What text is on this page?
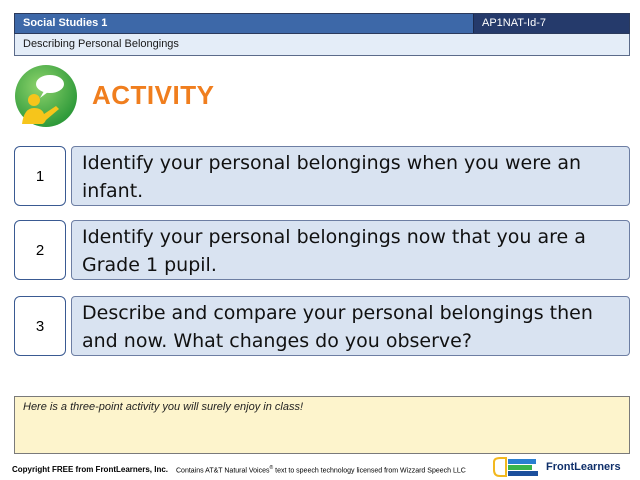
Social Studies 1	AP1NAT-Id-7
Describing Personal Belongings
ACTIVITY
1
Identify your personal belongings when you were an infant.
2
Identify your personal belongings now that you are a Grade 1 pupil.
3
Describe and compare your personal belongings then and now. What changes do you observe?
Here is a three-point activity you will surely enjoy in class!
Copyright FREE from FrontLearners, Inc. Contains AT&T Natural Voices® text to speech technology licensed from Wizzard Speech LLC	FrontLearners
